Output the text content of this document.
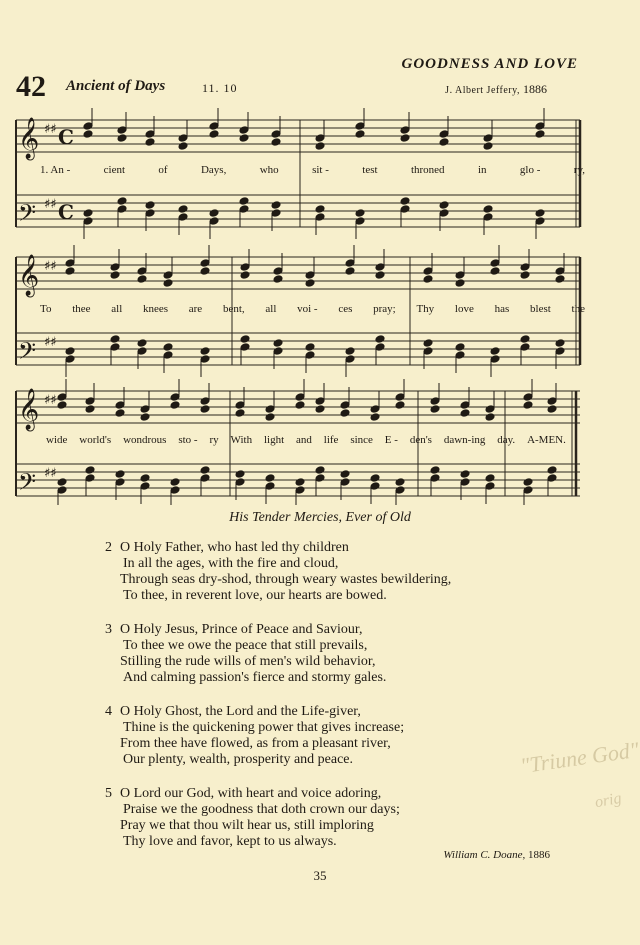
GOODNESS AND LOVE
42 Ancient of Days	11. 10	J. Albert Jeffery, 1886
𝄞 ♯♯
𝄢 ♯♯
𝄞 ♯♯
𝄢 ♯♯
𝄞 ♯♯
𝄢 ♯♯
C
C
1. An -	cient	of	Days,	who	sit -	test	throned	in	glo -	ry,
To thee all knees are bent, all voi - ces pray; Thy love has blest the
wide world's wondrous sto - ry With light and life since E - den's dawn-ing day. A-MEN.
His Tender Mercies, Ever of Old
2 O Holy Father, who hast led thy children
In all the ages, with the fire and cloud,
Through seas dry-shod, through weary wastes bewildering,
To thee, in reverent love, our hearts are bowed.
3 O Holy Jesus, Prince of Peace and Saviour,
To thee we owe the peace that still prevails,
Stilling the rude wills of men's wild behavior,
And calming passion's fierce and stormy gales.
4 O Holy Ghost, the Lord and the Life-giver,
Thine is the quickening power that gives increase;
From thee have flowed, as from a pleasant river,
Our plenty, wealth, prosperity and peace.
5 O Lord our God, with heart and voice adoring,
Praise we the goodness that doth crown our days;
Pray we that thou wilt hear us, still imploring
Thy love and favor, kept to us always.
William C. Doane, 1886
"Triune God"
orig
35
